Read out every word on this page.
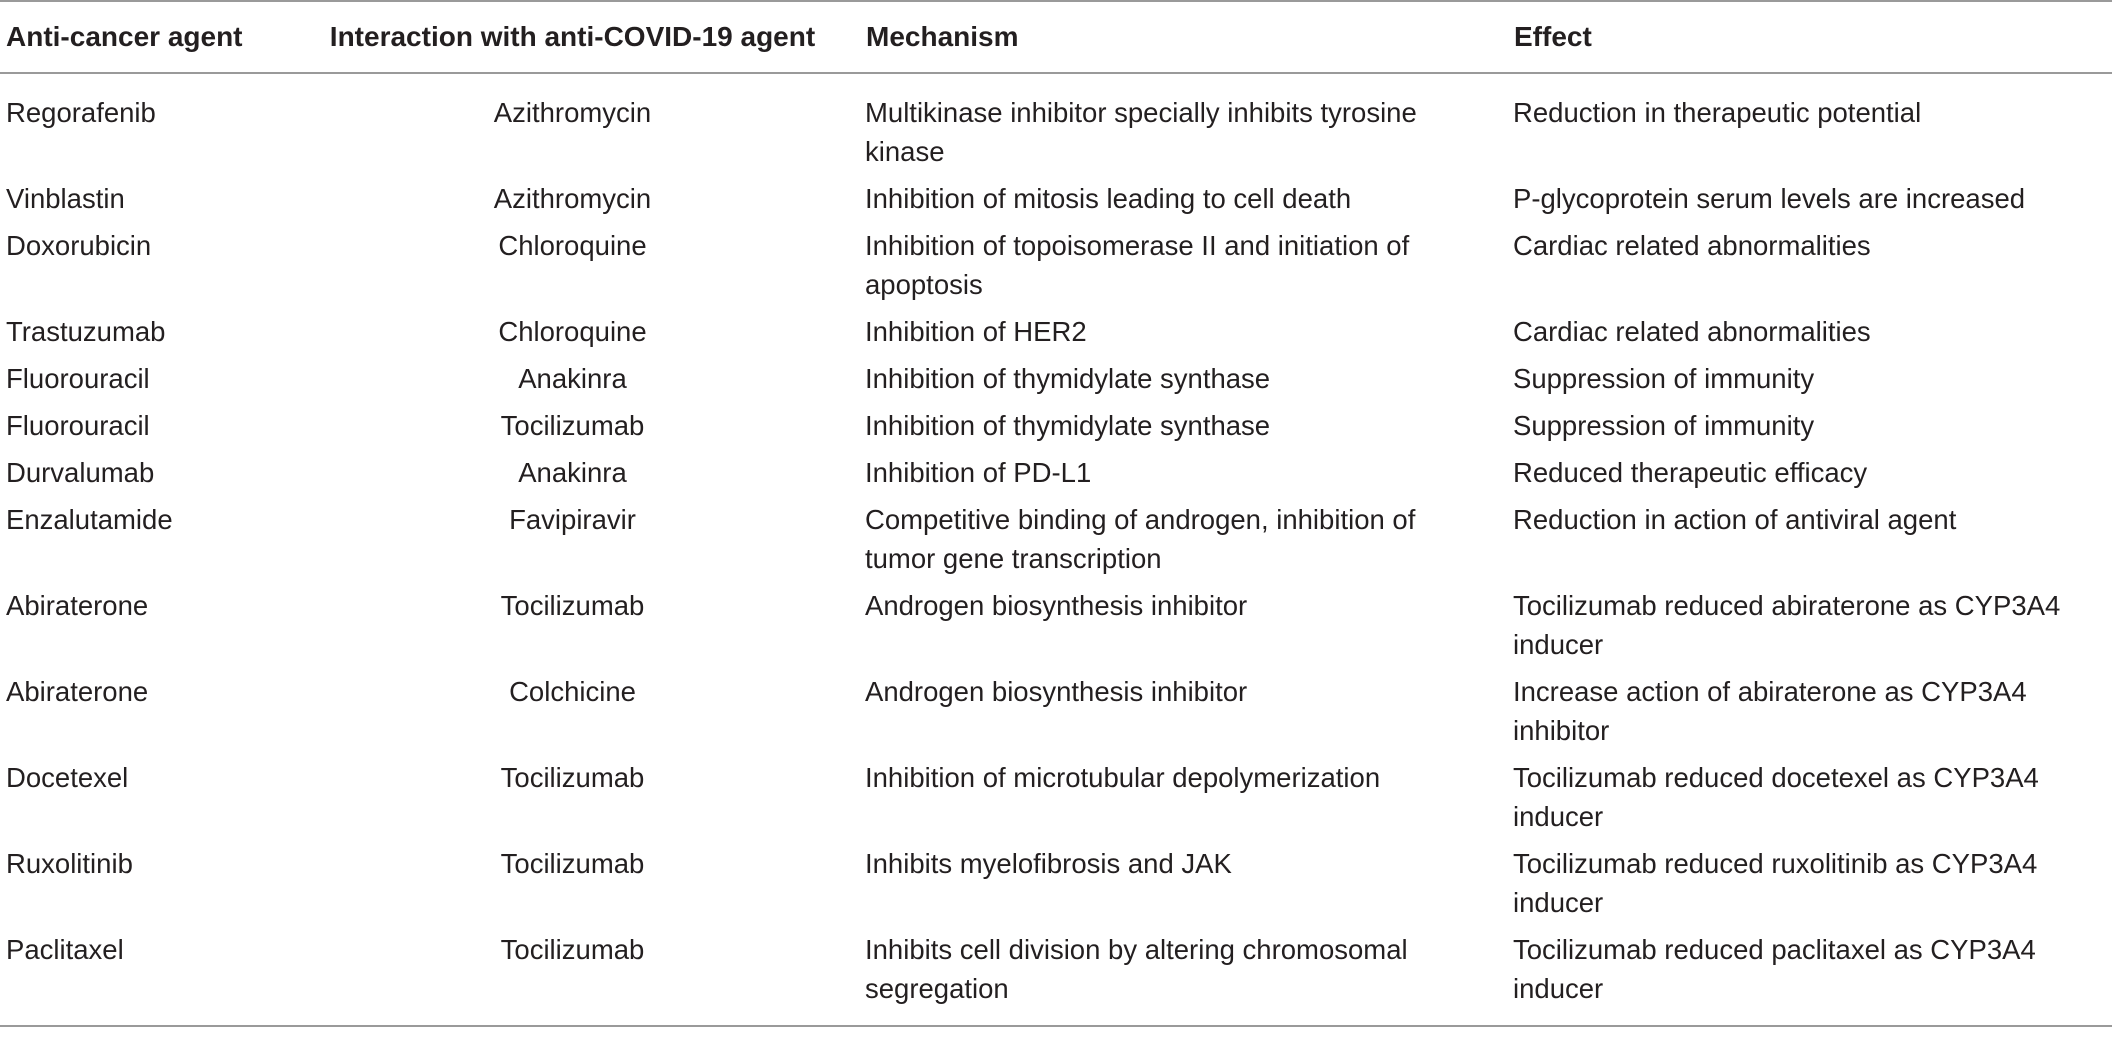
Anti-cancer agent	Interaction with anti-COVID-19 agent	Mechanism	Effect
Regorafenib	Azithromycin	Multikinase inhibitor specially inhibits tyrosine kinase	Reduction in therapeutic potential
Vinblastin	Azithromycin	Inhibition of mitosis leading to cell death	P-glycoprotein serum levels are increased
Doxorubicin	Chloroquine	Inhibition of topoisomerase II and initiation of apoptosis	Cardiac related abnormalities
Trastuzumab	Chloroquine	Inhibition of HER2	Cardiac related abnormalities
Fluorouracil	Anakinra	Inhibition of thymidylate synthase	Suppression of immunity
Fluorouracil	Tocilizumab	Inhibition of thymidylate synthase	Suppression of immunity
Durvalumab	Anakinra	Inhibition of PD-L1	Reduced therapeutic efficacy
Enzalutamide	Favipiravir	Competitive binding of androgen, inhibition of tumor gene transcription	Reduction in action of antiviral agent
Abiraterone	Tocilizumab	Androgen biosynthesis inhibitor	Tocilizumab reduced abiraterone as CYP3A4 inducer
Abiraterone	Colchicine	Androgen biosynthesis inhibitor	Increase action of abiraterone as CYP3A4 inhibitor
Docetexel	Tocilizumab	Inhibition of microtubular depolymerization	Tocilizumab reduced docetexel as CYP3A4 inducer
Ruxolitinib	Tocilizumab	Inhibits myelofibrosis and JAK	Tocilizumab reduced ruxolitinib as CYP3A4 inducer
Paclitaxel	Tocilizumab	Inhibits cell division by altering chromosomal segregation	Tocilizumab reduced paclitaxel as CYP3A4 inducer
